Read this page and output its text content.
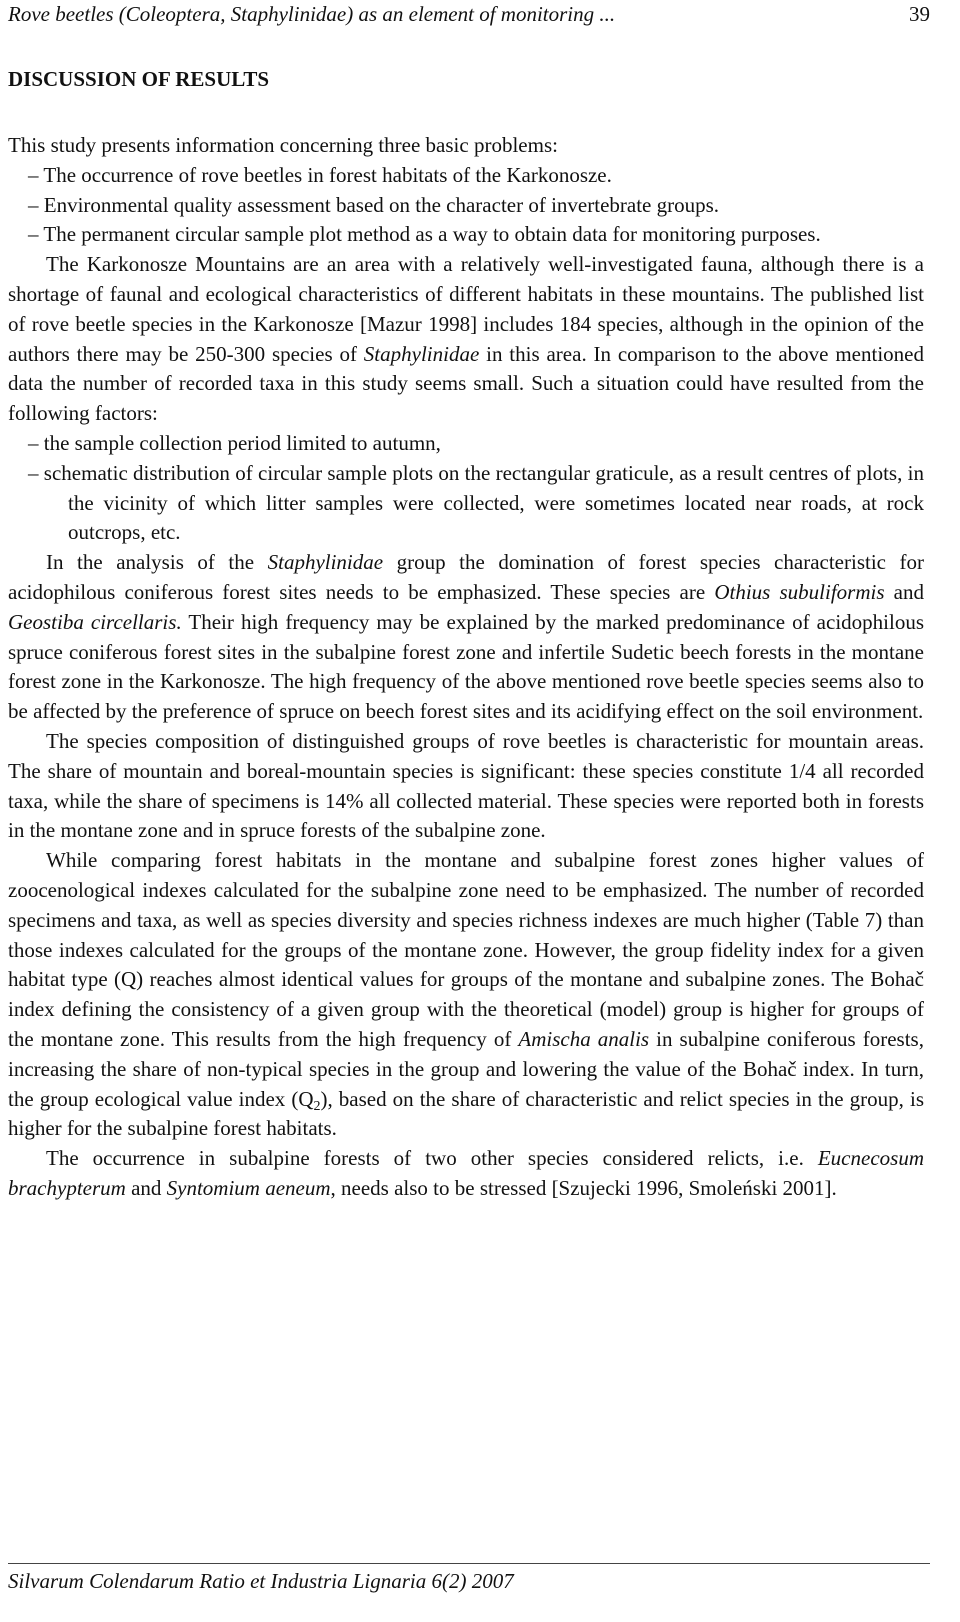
Rove beetles (Coleoptera, Staphylinidae) as an element of monitoring ...	39
DISCUSSION OF RESULTS

This study presents information concerning three basic problems:

– The occurrence of rove beetles in forest habitats of the Karkonosze.

– Environmental quality assessment based on the character of invertebrate groups.

– The permanent circular sample plot method as a way to obtain data for monitoring purposes.

The Karkonosze Mountains are an area with a relatively well-investigated fauna, although there is a shortage of faunal and ecological characteristics of different habitats in these mountains. The published list of rove beetle species in the Karkonosze [Mazur 1998] includes 184 species, although in the opinion of the authors there may be 250-300 species of Staphylinidae in this area. In comparison to the above mentioned data the number of recorded taxa in this study seems small. Such a situation could have resulted from the following factors:

– the sample collection period limited to autumn,

– schematic distribution of circular sample plots on the rectangular graticule, as a result centres of plots, in the vicinity of which litter samples were collected, were sometimes located near roads, at rock outcrops, etc.

In the analysis of the Staphylinidae group the domination of forest species characteristic for acidophilous coniferous forest sites needs to be emphasized. These species are Othius subuliformis and Geostiba circellaris. Their high frequency may be explained by the marked predominance of acidophilous spruce coniferous forest sites in the subalpine forest zone and infertile Sudetic beech forests in the montane forest zone in the Karkonosze. The high frequency of the above mentioned rove beetle species seems also to be affected by the preference of spruce on beech forest sites and its acidifying effect on the soil environment.

The species composition of distinguished groups of rove beetles is characteristic for mountain areas. The share of mountain and boreal-mountain species is significant: these species constitute 1/4 all recorded taxa, while the share of specimens is 14% all collected material. These species were reported both in forests in the montane zone and in spruce forests of the subalpine zone.

While comparing forest habitats in the montane and subalpine forest zones higher values of zoocenological indexes calculated for the subalpine zone need to be emphasized. The number of recorded specimens and taxa, as well as species diversity and species richness indexes are much higher (Table 7) than those indexes calculated for the groups of the montane zone. However, the group fidelity index for a given habitat type (Q) reaches almost identical values for groups of the montane and subalpine zones. The Bohač index defining the consistency of a given group with the theoretical (model) group is higher for groups of the montane zone. This results from the high frequency of Amischa analis in subalpine coniferous forests, increasing the share of non-typical species in the group and lowering the value of the Bohač index. In turn, the group ecological value index $(Q_2)$, based on the share of characteristic and relict species in the group, is higher for the subalpine forest habitats.

The occurrence in subalpine forests of two other species considered relicts, i.e. Eucnecosum brachypterum and Syntomium aeneum, needs also to be stressed [Szujecki 1996, Smoleński 2001].

Silvarum Colendarum Ratio et Industria Lignaria 6(2) 2007
